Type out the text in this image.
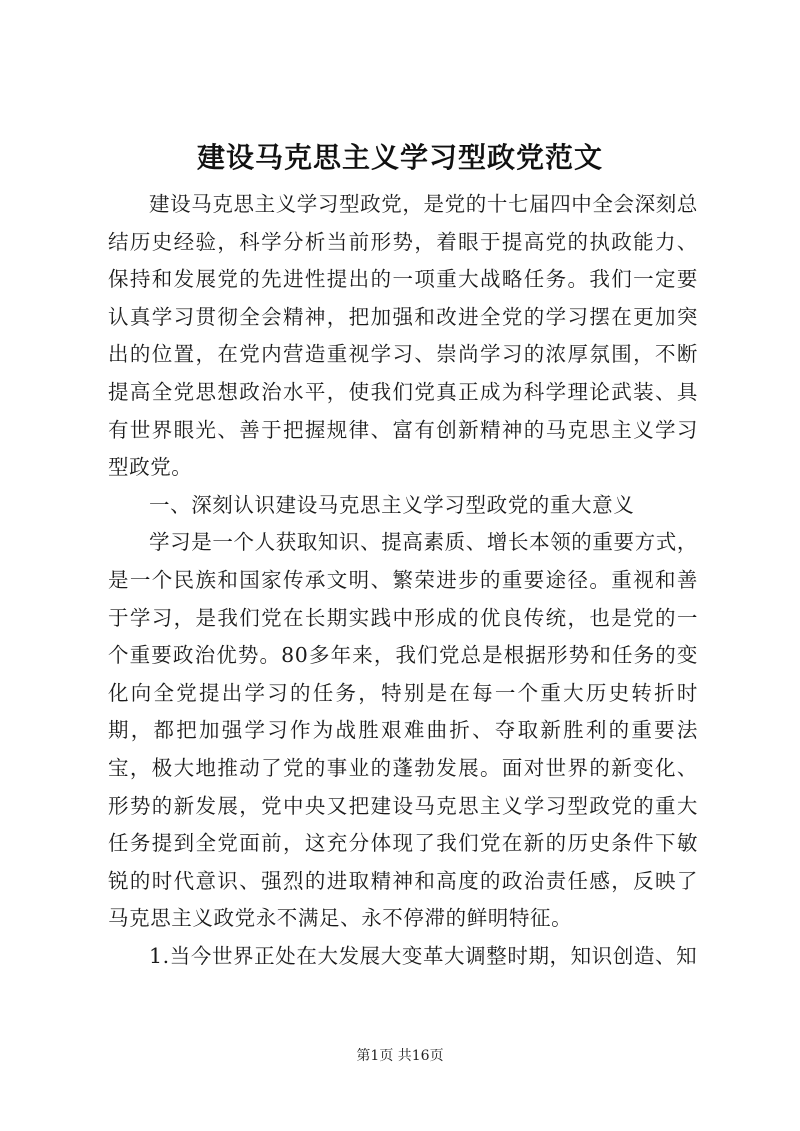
建设马克思主义学习型政党范文

建设马克思主义学习型政党，是党的十七届四中全会深刻总结历史经验，科学分析当前形势，着眼于提高党的执政能力、保持和发展党的先进性提出的一项重大战略任务。我们一定要认真学习贯彻全会精神，把加强和改进全党的学习摆在更加突出的位置，在党内营造重视学习、崇尚学习的浓厚氛围，不断提高全党思想政治水平，使我们党真正成为科学理论武装、具有世界眼光、善于把握规律、富有创新精神的马克思主义学习型政党。

一、深刻认识建设马克思主义学习型政党的重大意义

学习是一个人获取知识、提高素质、增长本领的重要方式，是一个民族和国家传承文明、繁荣进步的重要途径。重视和善于学习，是我们党在长期实践中形成的优良传统，也是党的一个重要政治优势。80多年来，我们党总是根据形势和任务的变化向全党提出学习的任务，特别是在每一个重大历史转折时期，都把加强学习作为战胜艰难曲折、夺取新胜利的重要法宝，极大地推动了党的事业的蓬勃发展。面对世界的新变化、形势的新发展，党中央又把建设马克思主义学习型政党的重大任务提到全党面前，这充分体现了我们党在新的历史条件下敏锐的时代意识、强烈的进取精神和高度的政治责任感，反映了马克思主义政党永不满足、永不停滞的鲜明特征。

1.当今世界正处在大发展大变革大调整时期，知识创造、知

第1页 共16页
